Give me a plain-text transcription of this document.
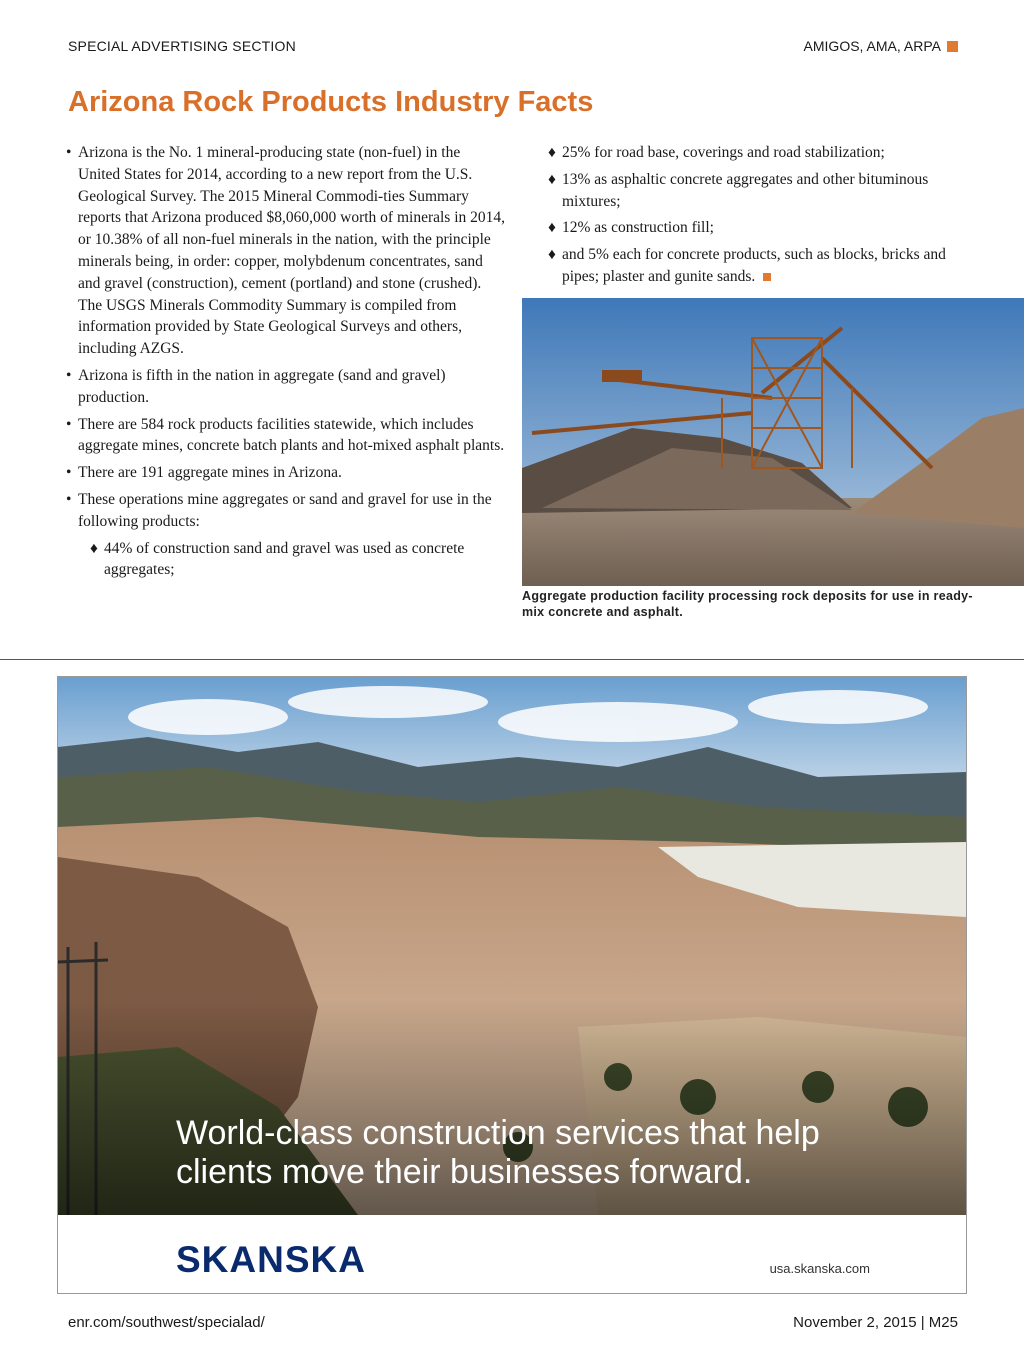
SPECIAL ADVERTISING SECTION	AMIGOS, AMA, ARPA
Arizona Rock Products Industry Facts
• Arizona is the No. 1 mineral-producing state (non-fuel) in the United States for 2014, according to a new report from the U.S. Geological Survey. The 2015 Mineral Commodi-ties Summary reports that Arizona produced $8,060,000 worth of minerals in 2014, or 10.38% of all non-fuel minerals in the nation, with the principle minerals being, in order: copper, molybdenum concentrates, sand and gravel (construction), cement (portland) and stone (crushed). The USGS Minerals Commodity Summary is compiled from information provided by State Geological Surveys and others, including AZGS.
• Arizona is fifth in the nation in aggregate (sand and gravel) production.
• There are 584 rock products facilities statewide, which includes aggregate mines, concrete batch plants and hot-mixed asphalt plants.
• There are 191 aggregate mines in Arizona.
• These operations mine aggregates or sand and gravel for use in the following products:
♦ 44% of construction sand and gravel was used as concrete aggregates;
♦ 25% for road base, coverings and road stabilization;
♦ 13% as asphaltic concrete aggregates and other bituminous mixtures;
♦ 12% as construction fill;
♦ and 5% each for concrete products, such as blocks, bricks and pipes; plaster and gunite sands.
Aggregate production facility processing rock deposits for use in ready-mix concrete and asphalt.
World-class construction services that help
clients move their businesses forward.
SKANSKA	usa.skanska.com
enr.com/southwest/specialad/	November 2, 2015 | M25
